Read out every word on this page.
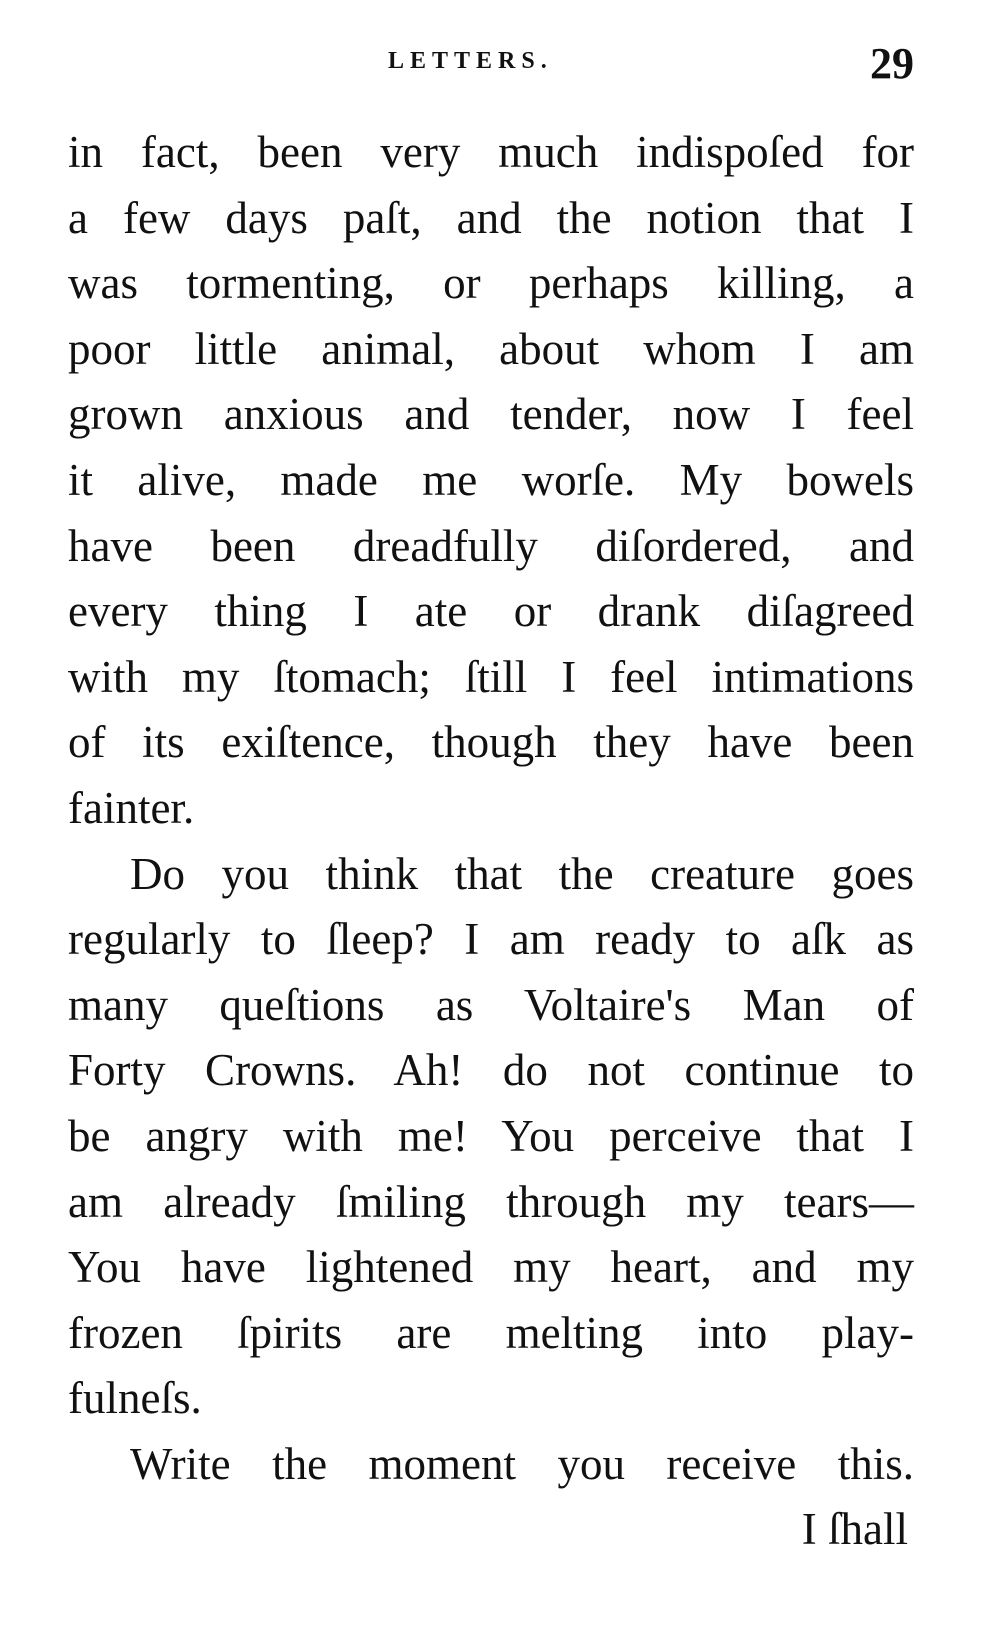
LETTERS.	29
in fact, been very much indispoſed for
a few days paſt, and the notion that I
was tormenting, or perhaps killing, a
poor little animal, about whom I am
grown anxious and tender, now I feel
it alive, made me worſe. My bowels
have been dreadfully diſordered, and
every thing I ate or drank diſagreed
with my ſtomach; ſtill I feel intimations
of its exiſtence, though they have been
fainter.
Do you think that the creature goes
regularly to ſleep? I am ready to aſk as
many queſtions as Voltaire's Man of
Forty Crowns. Ah! do not continue to
be angry with me! You perceive that I
am already ſmiling through my tears—
You have lightened my heart, and my
frozen ſpirits are melting into play-
fulneſs.
Write the moment you receive this.
I ſhall
